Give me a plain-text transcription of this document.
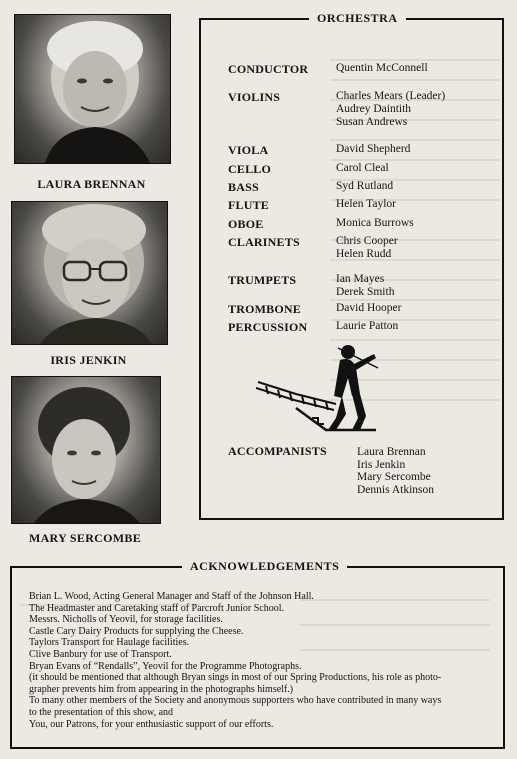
LAURA BRENNAN
IRIS JENKIN
MARY SERCOMBE
ORCHESTRA
CONDUCTOR Quentin McConnell
VIOLINS	Charles Mears (Leader)
Audrey Daintith
Susan Andrews
VIOLA	David Shepherd
CELLO	Carol Cleal
BASS	Syd Rutland
FLUTE	Helen Taylor
OBOE	Monica Burrows
CLARINETS	Chris Cooper
Helen Rudd
TRUMPETS	Ian Mayes
Derek Smith
TROMBONE	David Hooper
PERCUSSION Laurie Patton
ACCOMPANISTS	Laura Brennan
Iris Jenkin
Mary Sercombe
Dennis Atkinson
ACKNOWLEDGEMENTS
Brian L. Wood, Acting General Manager and Staff of the Johnson Hall.
The Headmaster and Caretaking staff of Parcroft Junior School.
Messrs. Nicholls of Yeovil, for storage facilities.
Castle Cary Dairy Products for supplying the Cheese.
Taylors Transport for Haulage facilities.
Clive Banbury for use of Transport.
Bryan Evans of “Rendalls”, Yeovil for the Programme Photographs.
(it should be mentioned that although Bryan sings in most of our Spring Productions, his role as photo-
grapher prevents him from appearing in the photographs himself.)
To many other members of the Society and anonymous supporters who have contributed in many ways
to the presentation of this show, and
You, our Patrons, for your enthusiastic support of our efforts.
